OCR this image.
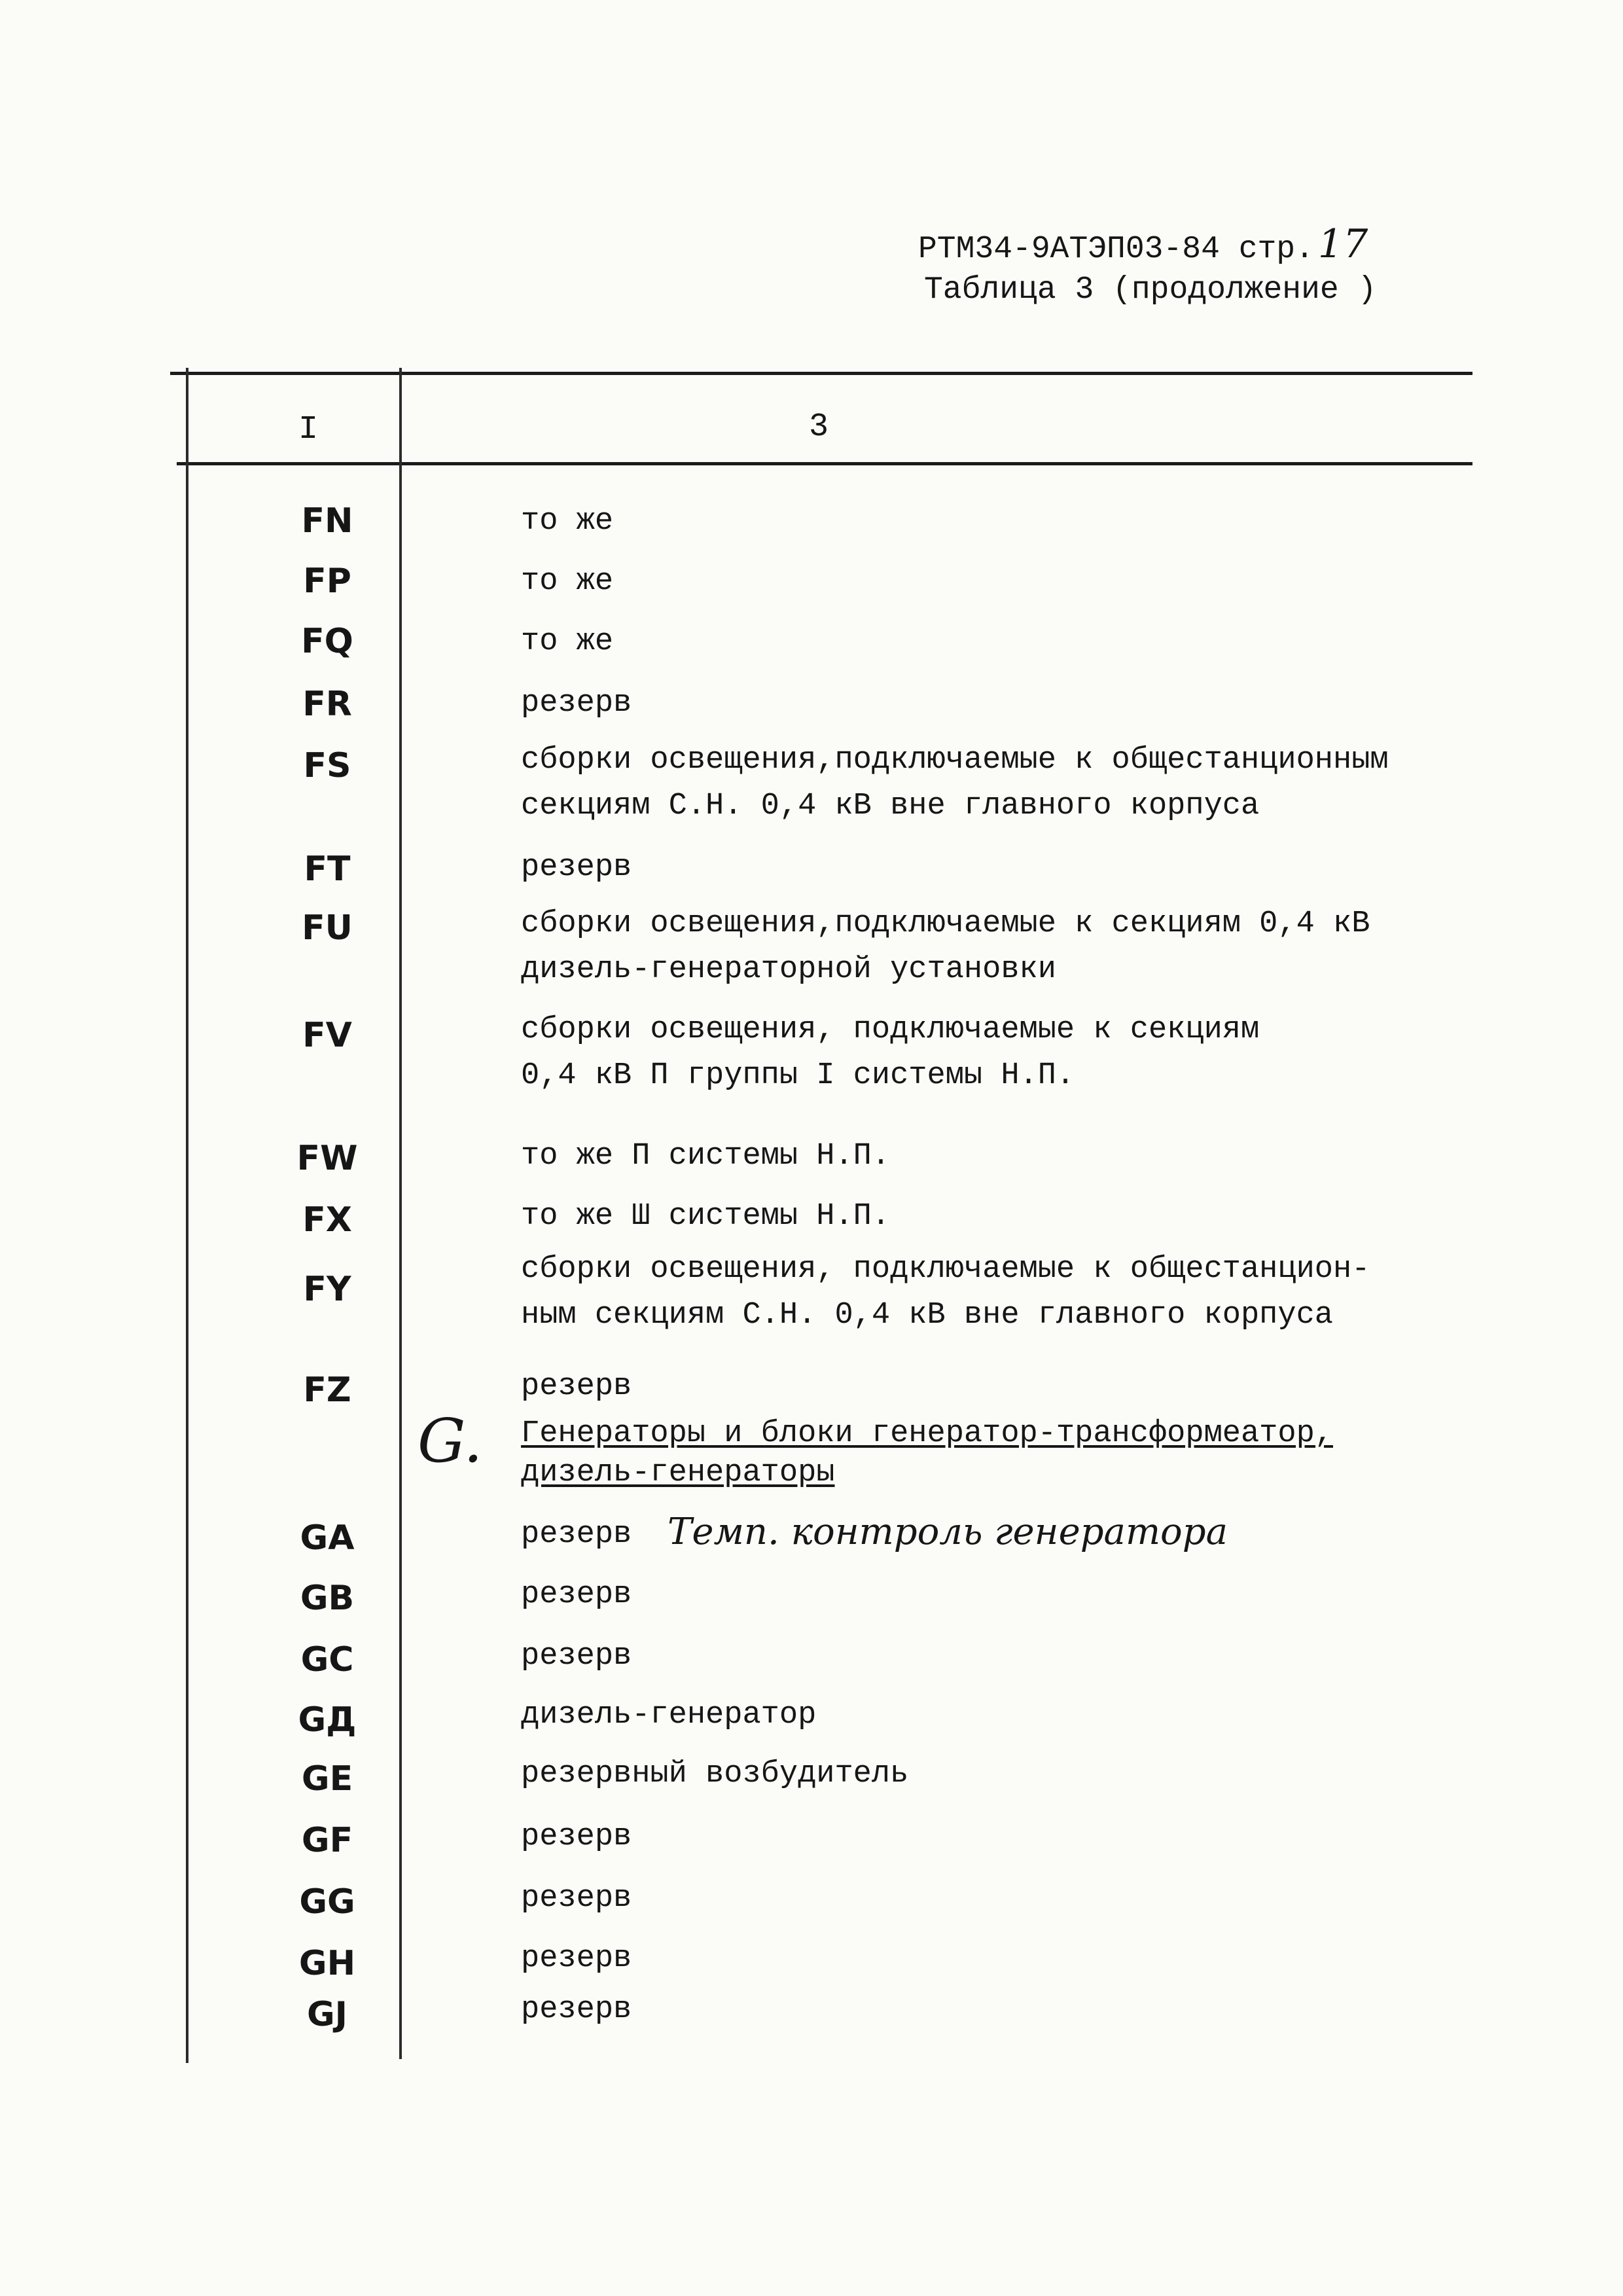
РТМ34-9АТЭП03-84 стр. 17
Таблица 3 (продолжение )
I	3
FN	то же
FP	то же
FQ	то же
FR	резерв
FS	сборки освещения,подключаемые к общестанционным
секциям С.Н. 0,4 кВ вне главного корпуса
FT	резерв
FU	сборки освещения,подключаемые к секциям 0,4 кВ
дизель-генераторной установки
FV	сборки освещения, подключаемые к секциям
0,4 кВ П группы I системы Н.П.
FW	то же П системы Н.П.
FX	то же Ш системы Н.П.
FY
сборки освещения, подключаемые к общестанцион-
ным секциям С.Н. 0,4 кВ вне главного корпуса
FZ	резерв
G. Генераторы и блоки генератор-трансформеатор,
дизель-генераторы
GA	резерв Темп. контроль генератора
GB	резерв
GC	резерв
GД	дизель-генератор
GE	резервный возбудитель
GF	резерв
GG	резерв
GH	резерв
GJ	резерв
